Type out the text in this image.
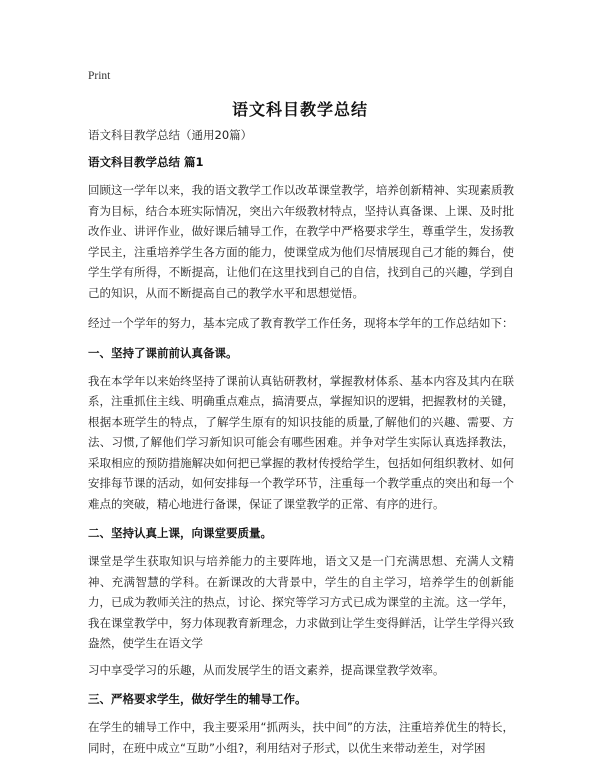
Print
语文科目教学总结
语文科目教学总结（通用20篇）
语文科目教学总结 篇1
回顾这一学年以来，我的语文教学工作以改革课堂教学，培养创新精神、实现素质教育为目标，结合本班实际情况，突出六年级教材特点，坚持认真备课、上课、及时批改作业、讲评作业，做好课后辅导工作，在教学中严格要求学生，尊重学生，发扬教学民主，注重培养学生各方面的能力，使课堂成为他们尽情展现自己才能的舞台，使学生学有所得，不断提高，让他们在这里找到自己的自信，找到自己的兴趣，学到自己的知识，从而不断提高自己的教学水平和思想觉悟。
经过一个学年的努力，基本完成了教育教学工作任务，现将本学年的工作总结如下：
一、坚持了课前前认真备课。
我在本学年以来始终坚持了课前认真钻研教材，掌握教材体系、基本内容及其内在联系，注重抓住主线、明确重点难点，搞清要点，掌握知识的逻辑，把握教材的关键，根据本班学生的特点，了解学生原有的知识技能的质量,了解他们的兴趣、需要、方法、习惯,了解他们学习新知识可能会有哪些困难。并争对学生实际认真选择教法，采取相应的预防措施解决如何把已掌握的教材传授给学生，包括如何组织教材、如何安排每节课的活动，如何安排每一个教学环节，注重每一个教学重点的突出和每一个难点的突破，精心地进行备课，保证了课堂教学的正常、有序的进行。
二、坚持认真上课，向课堂要质量。
课堂是学生获取知识与培养能力的主要阵地，语文又是一门充满思想、充满人文精神、充满智慧的学科。在新课改的大背景中，学生的自主学习，培养学生的创新能力，已成为教师关注的热点，讨论、探究等学习方式已成为课堂的主流。这一学年，我在课堂教学中，努力体现教育新理念，力求做到让学生变得鲜活，让学生学得兴致盎然，使学生在语文学
习中享受学习的乐趣，从而发展学生的语文素养，提高课堂教学效率。
三、严格要求学生，做好学生的辅导工作。
在学生的辅导工作中，我主要采用“抓两头，扶中间”的方法，注重培养优生的特长，同时，在班中成立“互助”小组?，利用结对子形式，以优生来带动差生，对学困
